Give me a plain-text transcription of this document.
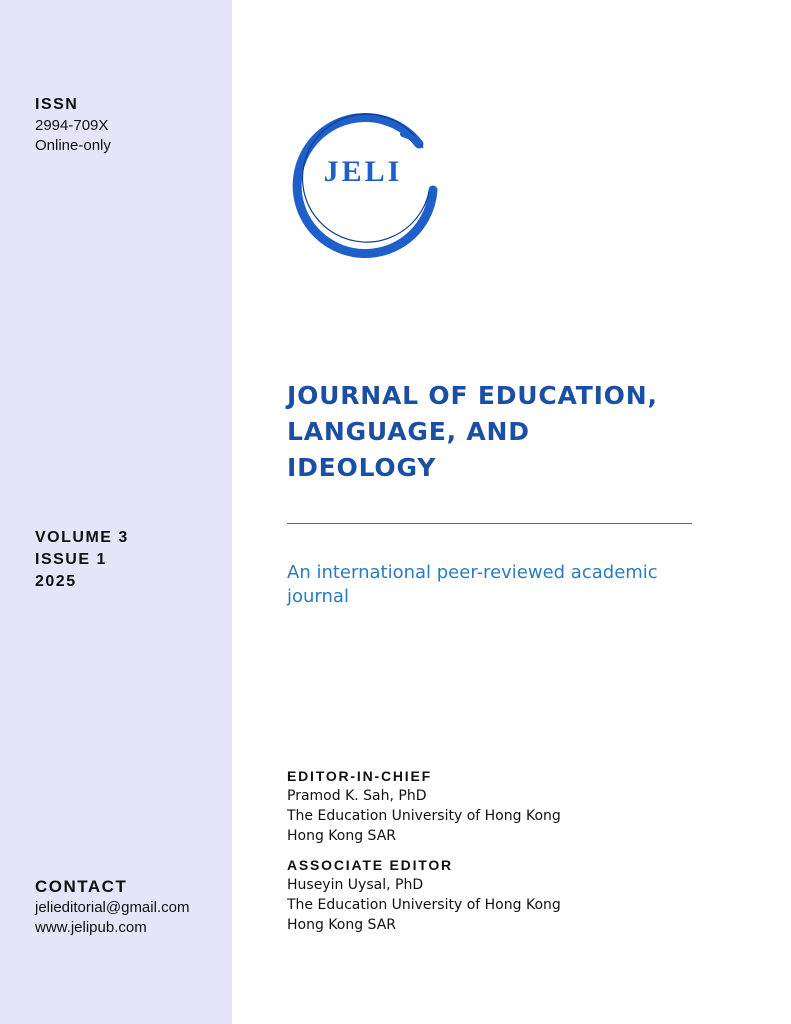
ISSN
2994-709X
Online-only
VOLUME 3
ISSUE 1
2025
CONTACT
jelieditorial@gmail.com
www.jelipub.com
JELI
JOURNAL OF EDUCATION,
LANGUAGE, AND
IDEOLOGY
An international peer-reviewed academic
journal
EDITOR-IN-CHIEF
Pramod K. Sah, PhD
The Education University of Hong Kong
Hong Kong SAR
ASSOCIATE EDITOR
Huseyin Uysal, PhD
The Education University of Hong Kong
Hong Kong SAR
